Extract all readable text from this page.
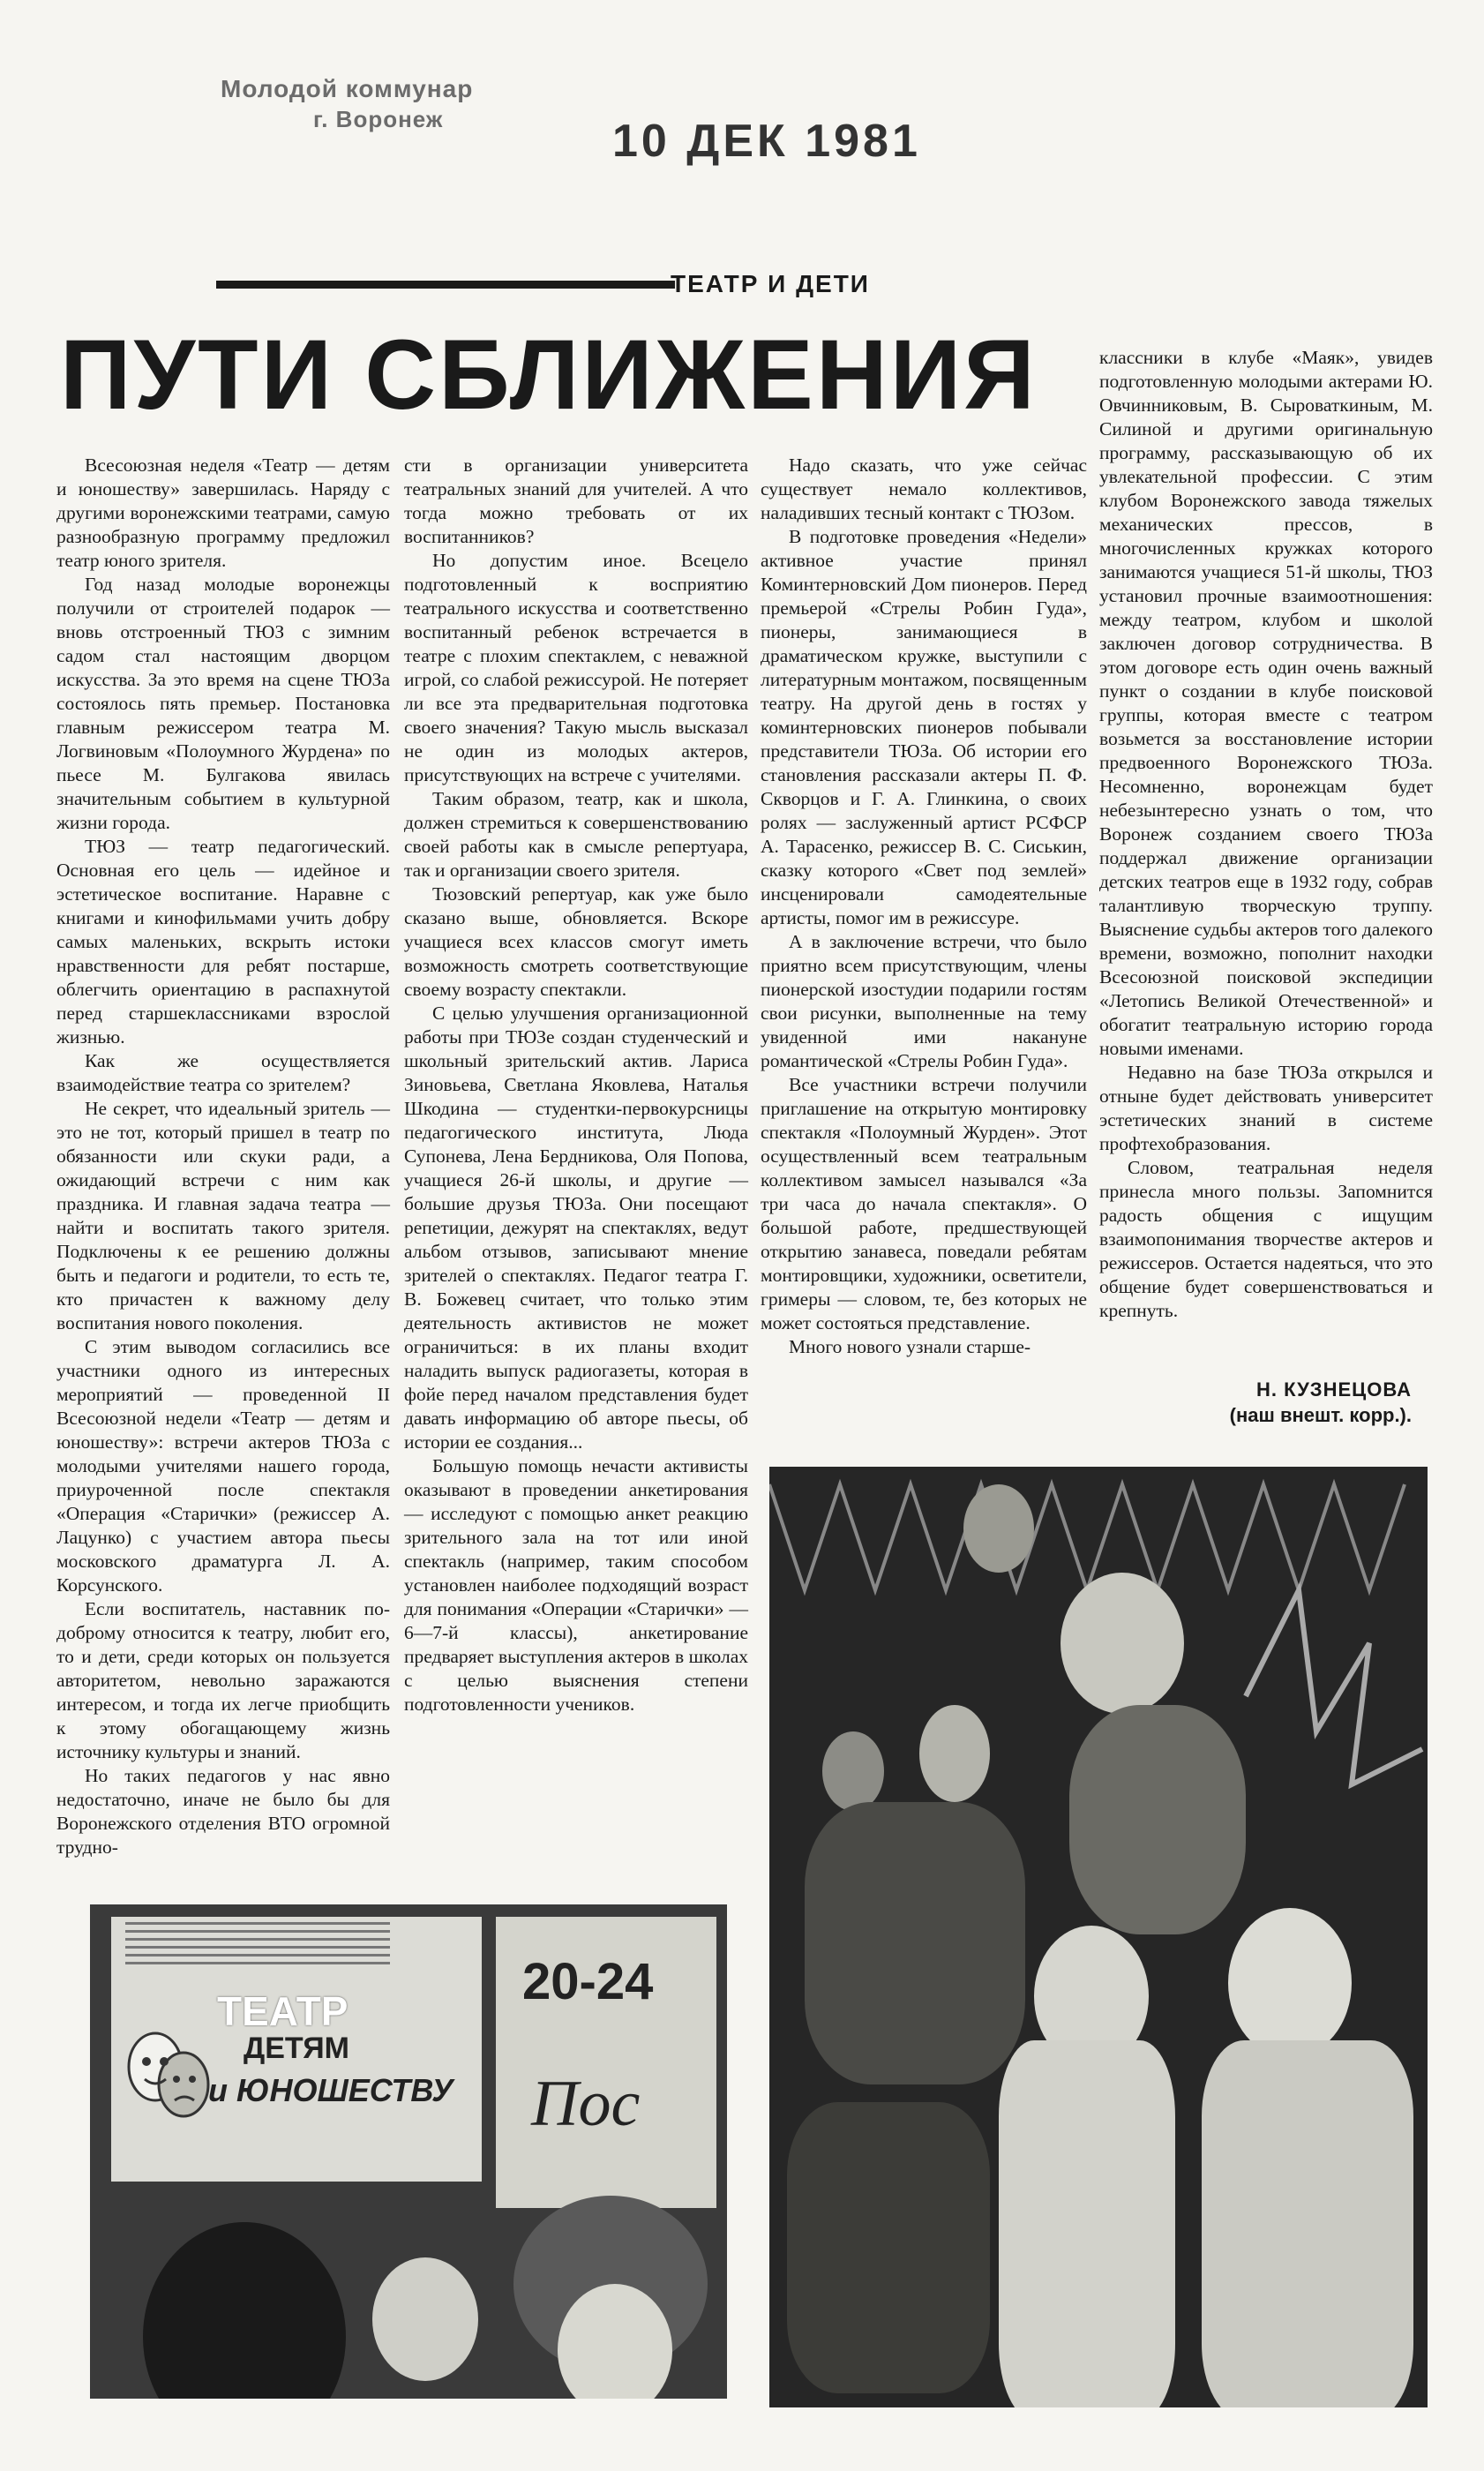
Молодой коммунар
г. Воронеж	10 ДЕК 1981
ТЕАТР И ДЕТИ
ПУТИ СБЛИЖЕНИЯ

Всесоюзная неделя «Театр — детям и юношеству» завершилась. Наряду с другими воронежскими театрами, самую разнообразную программу предложил театр юного зрителя.

Год назад молодые воронежцы получили от строителей подарок — вновь отстроенный ТЮЗ с зимним садом стал настоящим дворцом искусства. За это время на сцене ТЮЗа состоялось пять премьер. Постановка главным режиссером театра М. Логвиновым «Полоумного Журдена» по пьесе М. Булгакова явилась значительным событием в культурной жизни города.

ТЮЗ — театр педагогический. Основная его цель — идейное и эстетическое воспитание. Наравне с книгами и кинофильмами учить добру самых маленьких, вскрыть истоки нравственности для ребят постарше, облегчить ориентацию в распахнутой перед старшеклассниками взрослой жизнью.

Как же осуществляется взаимодействие театра со зрителем?

Не секрет, что идеальный зритель — это не тот, который пришел в театр по обязанности или скуки ради, а ожидающий встречи с ним как праздника. И главная задача театра — найти и воспитать такого зрителя. Подключены к ее решению должны быть и педагоги и родители, то есть те, кто причастен к важному делу воспитания нового поколения.

С этим выводом согласились все участники одного из интересных мероприятий — проведенной II Всесоюзной недели «Театр — детям и юношеству»: встречи актеров ТЮЗа с молодыми учителями нашего города, приуроченной после спектакля «Операция «Старички» (режиссер А. Лацунко) с участием автора пьесы московского драматурга Л. А. Корсунского.

Если воспитатель, наставник по-доброму относится к театру, любит его, то и дети, среди которых он пользуется авторитетом, невольно заражаются интересом, и тогда их легче приобщить к этому обогащающему жизнь источнику культуры и знаний.

Но таких педагогов у нас явно недостаточно, иначе не было бы для Воронежского отделения ВТО огромной трудно-

сти в организации университета театральных знаний для учителей. А что тогда можно требовать от их воспитанников?

Но допустим иное. Всецело подготовленный к восприятию театрального искусства и соответственно воспитанный ребенок встречается в театре с плохим спектаклем, с неважной игрой, со слабой режиссурой. Не потеряет ли все эта предварительная подготовка своего значения? Такую мысль высказал не один из молодых актеров, присутствующих на встрече с учителями.

Таким образом, театр, как и школа, должен стремиться к совершенствованию своей работы как в смысле репертуара, так и организации своего зрителя.

Тюзовский репертуар, как уже было сказано выше, обновляется. Вскоре учащиеся всех классов смогут иметь возможность смотреть соответствующие своему возрасту спектакли.

С целью улучшения организационной работы при ТЮЗе создан студенческий и школьный зрительский актив. Лариса Зиновьева, Светлана Яковлева, Наталья Шкодина — студентки-первокурсницы педагогического института, Люда Супонева, Лена Бердникова, Оля Попова, учащиеся 26-й школы, и другие — большие друзья ТЮЗа. Они посещают репетиции, дежурят на спектаклях, ведут альбом отзывов, записывают мнение зрителей о спектаклях. Педагог театра Г. В. Божевец считает, что только этим деятельность активистов не может ограничиться: в их планы входит наладить выпуск радиогазеты, которая в фойе перед началом представления будет давать информацию об авторе пьесы, об истории ее создания...

Большую помощь нечасти активисты оказывают в проведении анкетирования — исследуют с помощью анкет реакцию зрительного зала на тот или иной спектакль (например, таким способом установлен наиболее подходящий возраст для понимания «Операции «Старички» — 6—7-й классы), анкетирование предваряет выступления актеров в школах с целью выяснения степени подготовленности учеников.

Надо сказать, что уже сейчас существует немало коллективов, наладивших тесный контакт с ТЮЗом.

В подготовке проведения «Недели» активное участие принял Коминтерновский Дом пионеров. Перед премьерой «Стрелы Робин Гуда», пионеры, занимающиеся в драматическом кружке, выступили с литературным монтажом, посвященным театру. На другой день в гостях у коминтерновских пионеров побывали представители ТЮЗа. Об истории его становления рассказали актеры П. Ф. Скворцов и Г. А. Глинкина, о своих ролях — заслуженный артист РСФСР А. Тарасенко, режиссер В. С. Сиськин, сказку которого «Свет под землей» инсценировали самодеятельные артисты, помог им в режиссуре.

А в заключение встречи, что было приятно всем присутствующим, члены пионерской изостудии подарили гостям свои рисунки, выполненные на тему увиденной ими накануне романтической «Стрелы Робин Гуда».

Все участники встречи получили приглашение на открытую монтировку спектакля «Полоумный Журден». Этот осуществленный всем театральным коллективом замысел назывался «За три часа до начала спектакля». О большой работе, предшествующей открытию занавеса, поведали ребятам монтировщики, художники, осветители, гримеры — словом, те, без которых не может состояться представление.

Много нового узнали старше-

классники в клубе «Маяк», увидев подготовленную молодыми актерами Ю. Овчинниковым, В. Сыроваткиным, М. Силиной и другими оригинальную программу, рассказывающую об их увлекательной профессии. С этим клубом Воронежского завода тяжелых механических прессов, в многочисленных кружках которого занимаются учащиеся 51-й школы, ТЮЗ установил прочные взаимоотношения: между театром, клубом и школой заключен договор сотрудничества. В этом договоре есть один очень важный пункт о создании в клубе поисковой группы, которая вместе с театром возьмется за восстановление истории предвоенного Воронежского ТЮЗа. Несомненно, воронежцам будет небезынтересно узнать о том, что Воронеж созданием своего ТЮЗа поддержал движение организации детских театров еще в 1932 году, собрав талантливую творческую труппу. Выяснение судьбы актеров того далекого времени, возможно, пополнит находки Всесоюзной поисковой экспедиции «Летопись Великой Отечественной» и обогатит театральную историю города новыми именами.

Недавно на базе ТЮЗа открылся и отныне будет действовать университет эстетических знаний в системе профтехобразования.

Словом, театральная неделя принесла много пользы. Запомнится радость общения с ищущим взаимопонимания творчестве актеров и режиссеров. Остается надеяться, что это общение будет совершенствоваться и крепнуть.

Н. КУЗНЕЦОВА
(наш внешт. корр.).
ТЕАТР
ДЕТЯМ
и ЮНОШЕСТВУ
20-24
Пос
